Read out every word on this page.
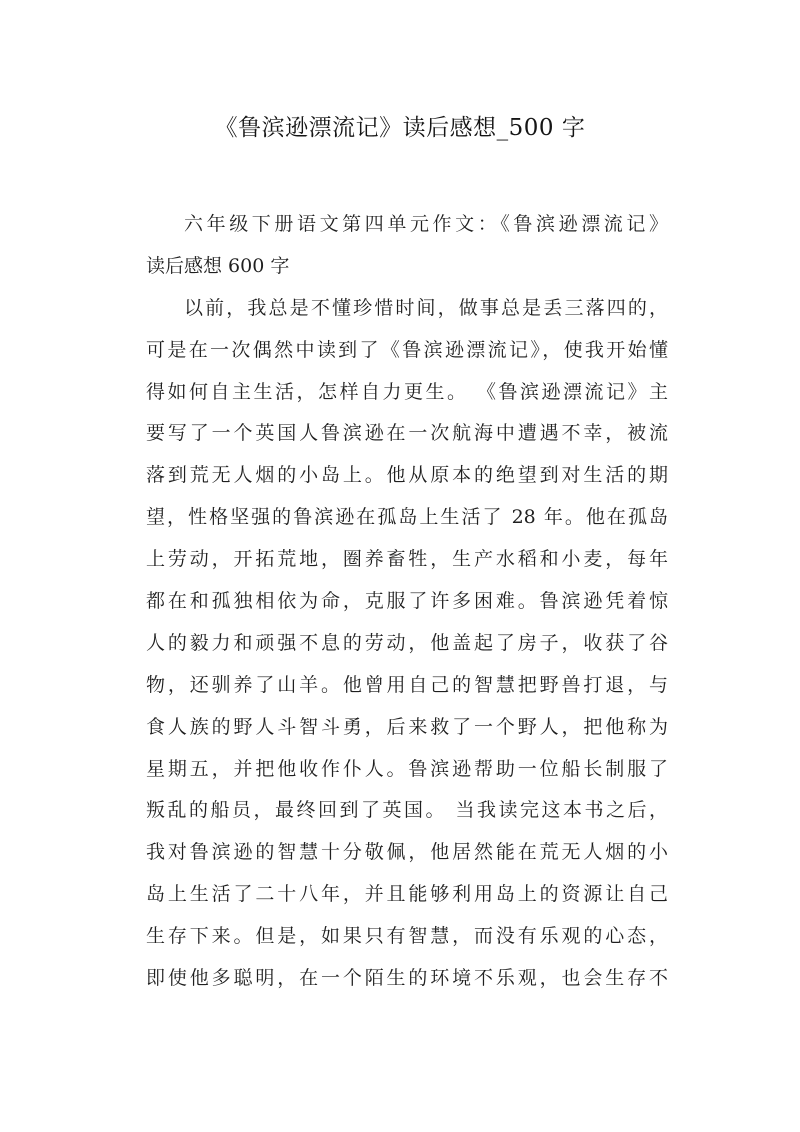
《鲁滨逊漂流记》读后感想_500 字
六年级下册语文第四单元作文：《鲁滨逊漂流记》
读后感想 600 字
以前，我总是不懂珍惜时间，做事总是丢三落四的，
可是在一次偶然中读到了《鲁滨逊漂流记》，使我开始懂
得如何自主生活，怎样自力更生。 《鲁滨逊漂流记》主
要写了一个英国人鲁滨逊在一次航海中遭遇不幸，被流
落到荒无人烟的小岛上。他从原本的绝望到对生活的期
望，性格坚强的鲁滨逊在孤岛上生活了 28 年。他在孤岛
上劳动，开拓荒地，圈养畜牲，生产水稻和小麦，每年
都在和孤独相依为命，克服了许多困难。鲁滨逊凭着惊
人的毅力和顽强不息的劳动，他盖起了房子，收获了谷
物，还驯养了山羊。他曾用自己的智慧把野兽打退，与
食人族的野人斗智斗勇，后来救了一个野人，把他称为
星期五，并把他收作仆人。鲁滨逊帮助一位船长制服了
叛乱的船员，最终回到了英国。 当我读完这本书之后，
我对鲁滨逊的智慧十分敬佩，他居然能在荒无人烟的小
岛上生活了二十八年，并且能够利用岛上的资源让自己
生存下来。但是，如果只有智慧，而没有乐观的心态，
即使他多聪明，在一个陌生的环境不乐观，也会生存不
